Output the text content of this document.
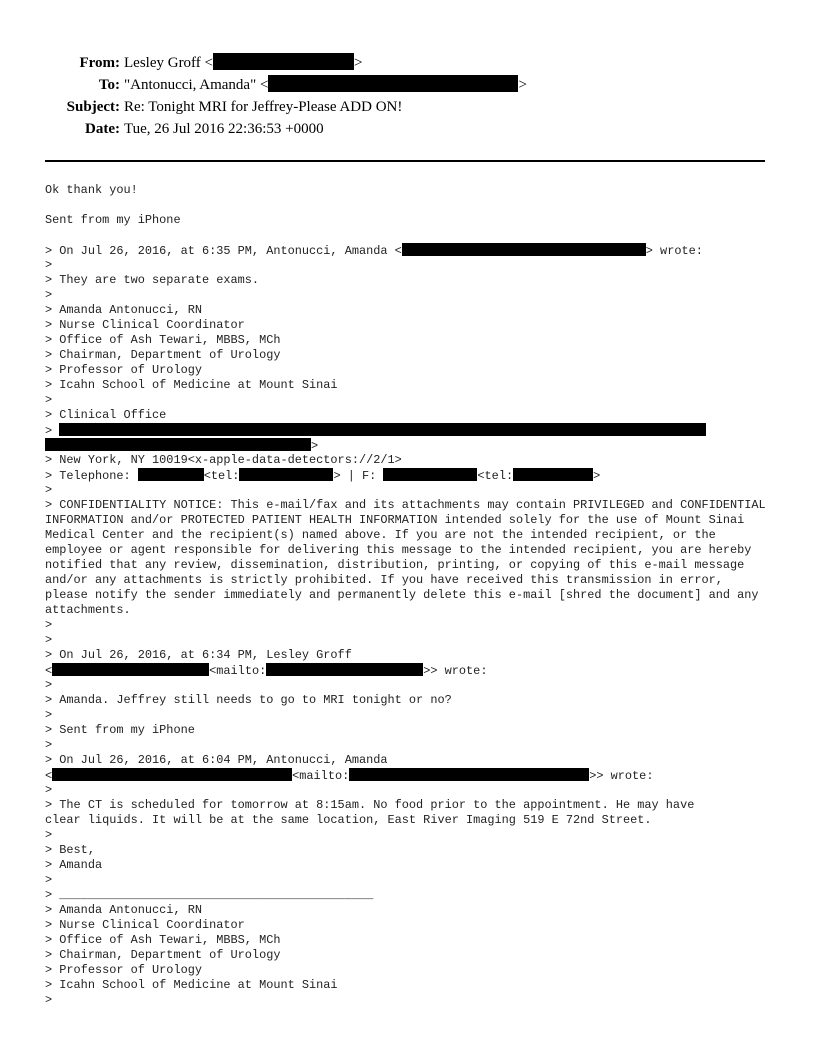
From: Lesley Groff <	>
To: "Antonucci, Amanda" <	>
Subject: Re: Tonight MRI for Jeffrey-Please ADD ON!
Date: Tue, 26 Jul 2016 22:36:53 +0000
Ok thank you!
Sent from my iPhone
> On Jul 26, 2016, at 6:35 PM, Antonucci, Amanda <	> wrote:
>
> They are two separate exams.
>
> Amanda Antonucci, RN
> Nurse Clinical Coordinator
> Office of Ash Tewari, MBBS, MCh
> Chairman, Department of Urology
> Professor of Urology
> Icahn School of Medicine at Mount Sinai
>
> Clinical Office
>
>
> New York, NY 10019<x-apple-data-detectors://2/1>
> Telephone:	<tel:	> | F:	<tel:	>
>
> CONFIDENTIALITY NOTICE: This e-mail/fax and its attachments may contain PRIVILEGED and CONFIDENTIAL INFORMATION and/or PROTECTED PATIENT HEALTH INFORMATION intended solely for the use of Mount Sinai Medical Center and the recipient(s) named above. If you are not the intended recipient, or the employee or agent responsible for delivering this message to the intended recipient, you are hereby notified that any review, dissemination, distribution, printing, or copying of this e-mail message and/or any attachments is strictly prohibited. If you have received this transmission in error, please notify the sender immediately and permanently delete this e-mail [shred the document] and any attachments.
>
>
> On Jul 26, 2016, at 6:34 PM, Lesley Groff
<	<mailto:	>> wrote:
>
> Amanda. Jeffrey still needs to go to MRI tonight or no?
>
> Sent from my iPhone
>
> On Jul 26, 2016, at 6:04 PM, Antonucci, Amanda
<	<mailto:	>> wrote:
>
> The CT is scheduled for tomorrow at 8:15am. No food prior to the appointment. He may have
clear liquids. It will be at the same location, East River Imaging 519 E 72nd Street.
>
> Best,
> Amanda
>
> ____________________________________________
> Amanda Antonucci, RN
> Nurse Clinical Coordinator
> Office of Ash Tewari, MBBS, MCh
> Chairman, Department of Urology
> Professor of Urology
> Icahn School of Medicine at Mount Sinai
>
